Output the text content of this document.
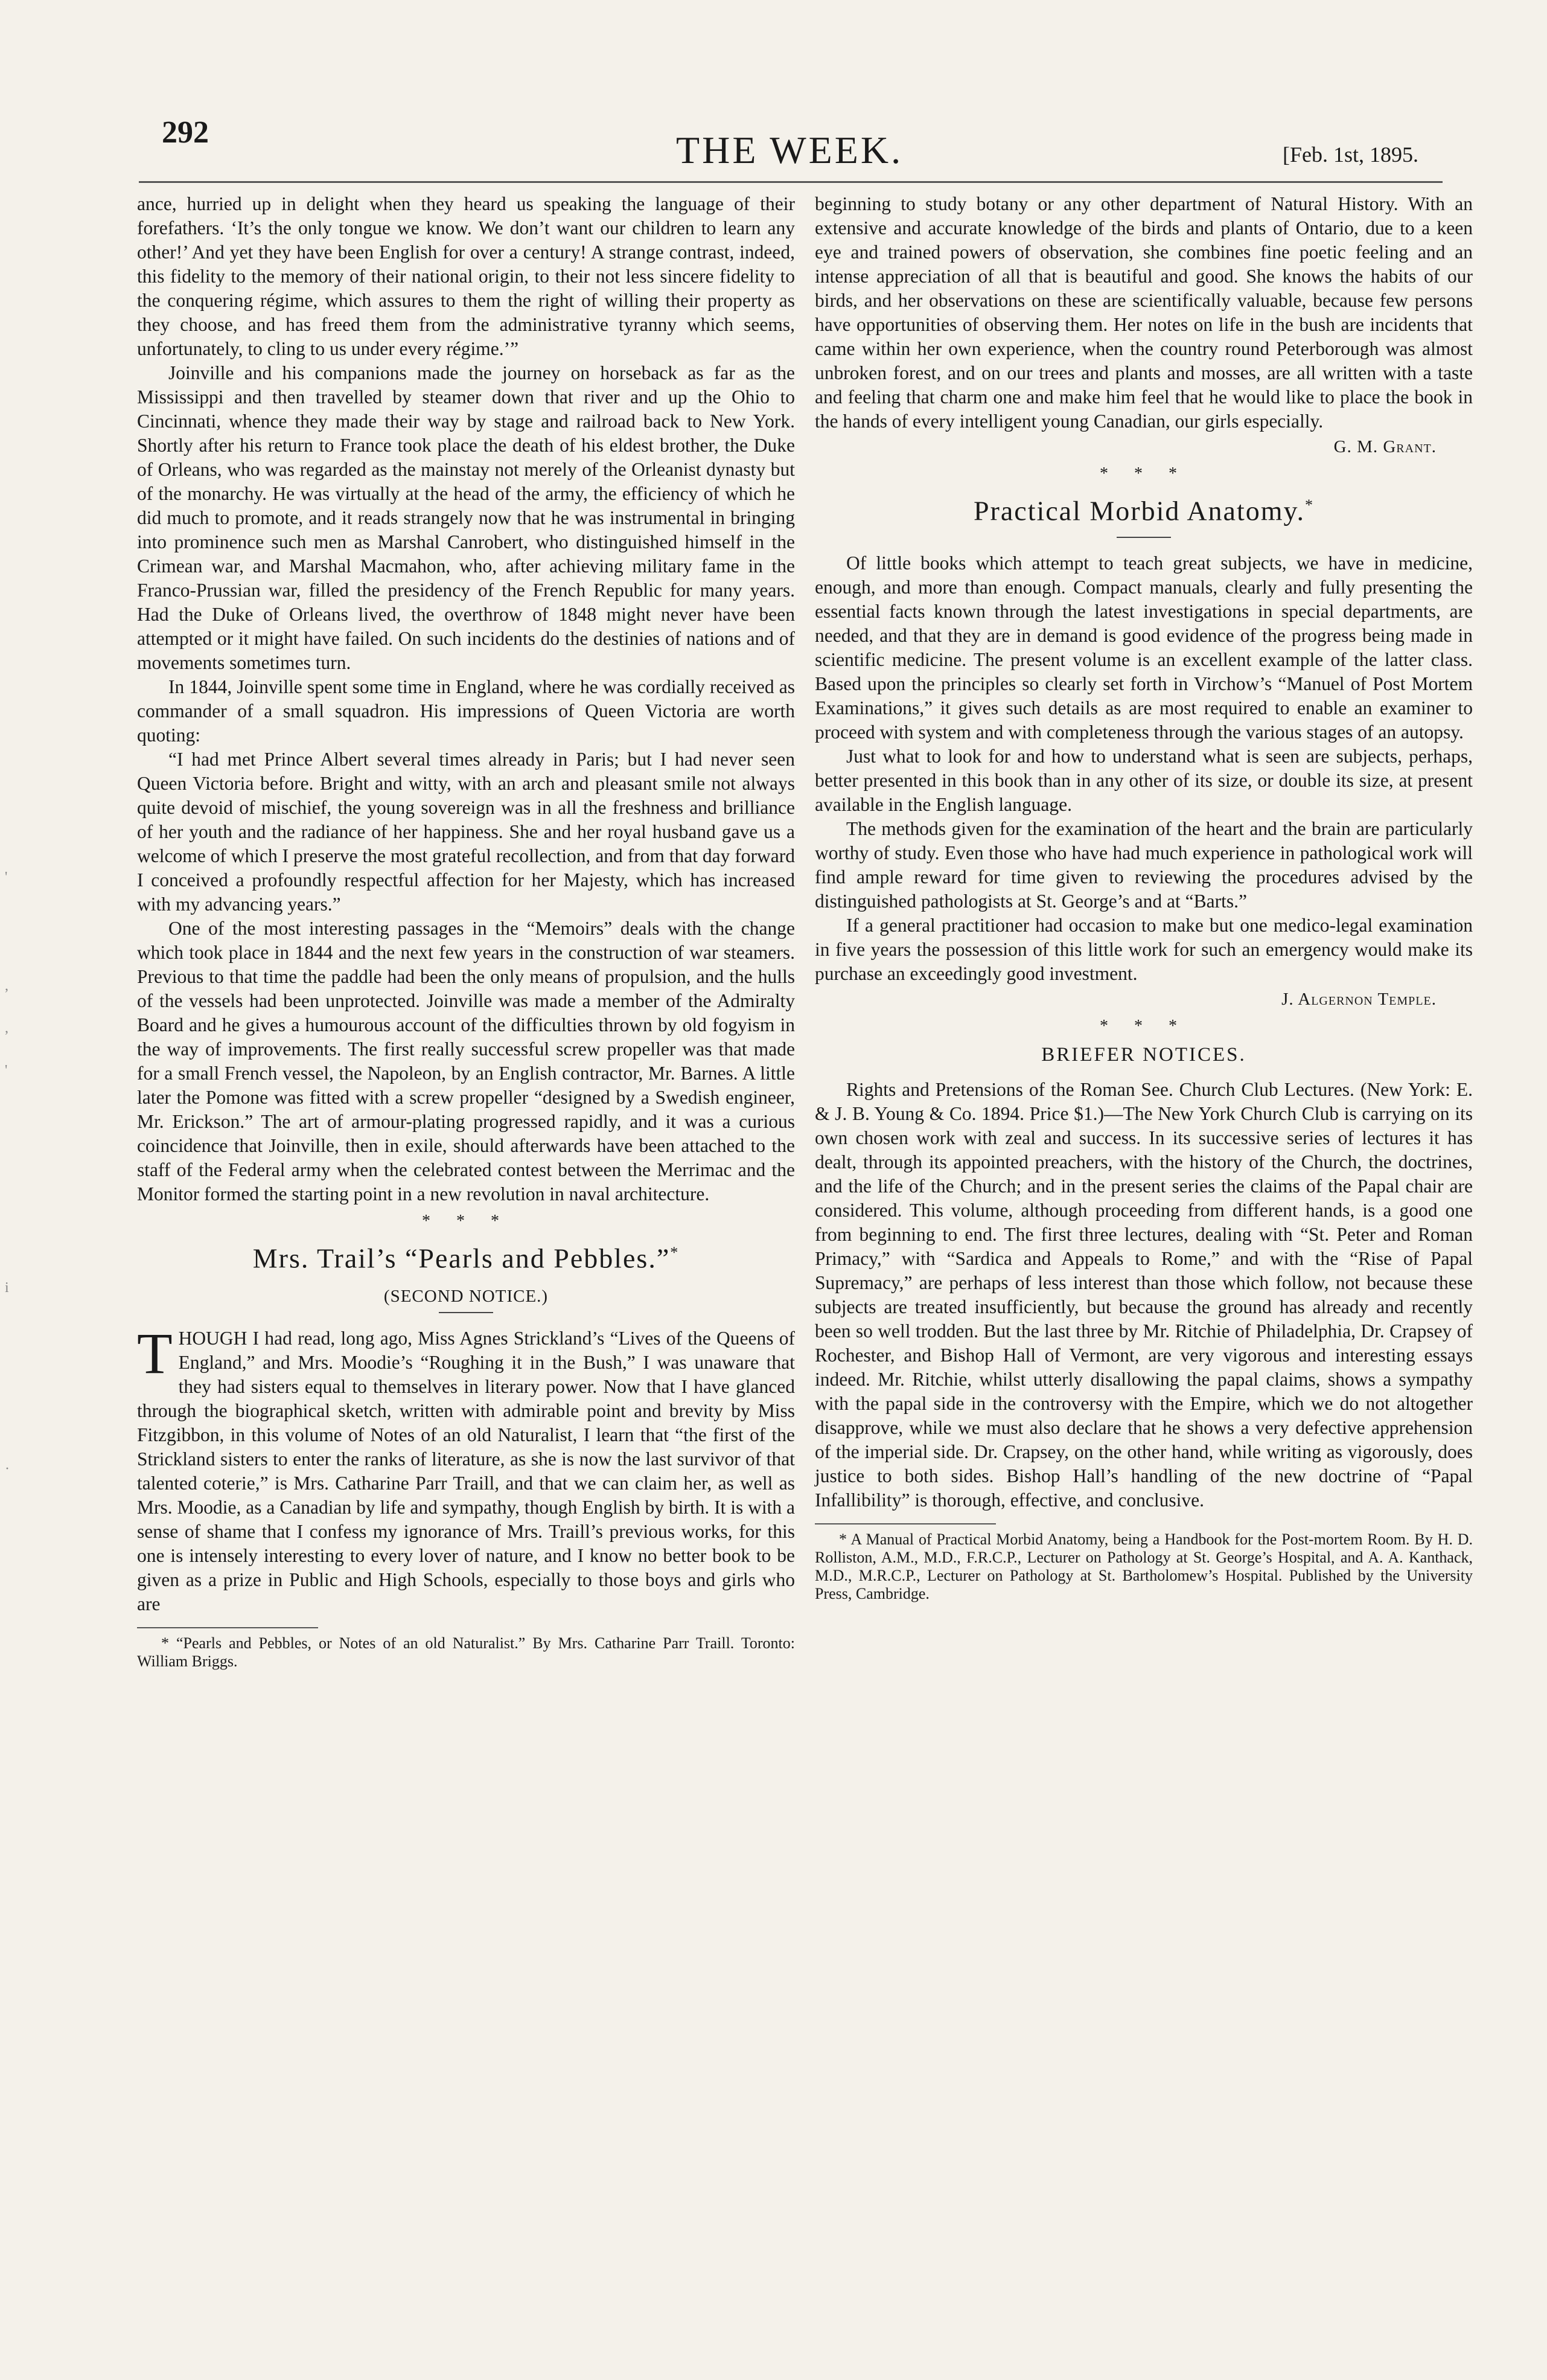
292	THE WEEK.	[Feb. 1st, 1895.
'
,
,
'
i
·

ance, hurried up in delight when they heard us speaking the language of their forefathers. ‘It’s the only tongue we know. We don’t want our children to learn any other!’ And yet they have been English for over a century! A strange contrast, indeed, this fidelity to the memory of their national origin, to their not less sincere fidelity to the conquering régime, which assures to them the right of willing their property as they choose, and has freed them from the administrative tyranny which seems, unfortunately, to cling to us under every régime.’”

Joinville and his companions made the journey on horseback as far as the Mississippi and then travelled by steamer down that river and up the Ohio to Cincinnati, whence they made their way by stage and railroad back to New York. Shortly after his return to France took place the death of his eldest brother, the Duke of Orleans, who was regarded as the mainstay not merely of the Orleanist dynasty but of the monarchy. He was virtually at the head of the army, the efficiency of which he did much to promote, and it reads strangely now that he was instrumental in bringing into prominence such men as Marshal Canrobert, who distinguished himself in the Crimean war, and Marshal Macmahon, who, after achieving military fame in the Franco-Prussian war, filled the presidency of the French Republic for many years. Had the Duke of Orleans lived, the overthrow of 1848 might never have been attempted or it might have failed. On such incidents do the destinies of nations and of movements sometimes turn.

In 1844, Joinville spent some time in England, where he was cordially received as commander of a small squadron. His impressions of Queen Victoria are worth quoting:

“I had met Prince Albert several times already in Paris; but I had never seen Queen Victoria before. Bright and witty, with an arch and pleasant smile not always quite devoid of mischief, the young sovereign was in all the freshness and brilliance of her youth and the radiance of her happiness. She and her royal husband gave us a welcome of which I preserve the most grateful recollection, and from that day forward I conceived a profoundly respectful affection for her Majesty, which has increased with my advancing years.”

One of the most interesting passages in the “Memoirs” deals with the change which took place in 1844 and the next few years in the construction of war steamers. Previous to that time the paddle had been the only means of propulsion, and the hulls of the vessels had been unprotected. Joinville was made a member of the Admiralty Board and he gives a humourous account of the difficulties thrown by old fogyism in the way of improvements. The first really successful screw propeller was that made for a small French vessel, the Napoleon, by an English contractor, Mr. Barnes. A little later the Pomone was fitted with a screw propeller “designed by a Swedish engineer, Mr. Erickson.” The art of armour-plating progressed rapidly, and it was a curious coincidence that Joinville, then in exile, should afterwards have been attached to the staff of the Federal army when the celebrated contest between the Merrimac and the Monitor formed the starting point in a new revolution in naval architecture.

* * *
Mrs. Trail’s “Pearls and Pebbles.”*
(SECOND NOTICE.)

THOUGH I had read, long ago, Miss Agnes Strickland’s “Lives of the Queens of England,” and Mrs. Moodie’s “Roughing it in the Bush,” I was unaware that they had sisters equal to themselves in literary power. Now that I have glanced through the biographical sketch, written with admirable point and brevity by Miss Fitzgibbon, in this volume of Notes of an old Naturalist, I learn that “the first of the Strickland sisters to enter the ranks of literature, as she is now the last survivor of that talented coterie,” is Mrs. Catharine Parr Traill, and that we can claim her, as well as Mrs. Moodie, as a Canadian by life and sympathy, though English by birth. It is with a sense of shame that I confess my ignorance of Mrs. Traill’s previous works, for this one is intensely interesting to every lover of nature, and I know no better book to be given as a prize in Public and High Schools, especially to those boys and girls who are

* “Pearls and Pebbles, or Notes of an old Naturalist.” By Mrs. Catharine Parr Traill. Toronto: William Briggs.

beginning to study botany or any other department of Natural History. With an extensive and accurate knowledge of the birds and plants of Ontario, due to a keen eye and trained powers of observation, she combines fine poetic feeling and an intense appreciation of all that is beautiful and good. She knows the habits of our birds, and her observations on these are scientifically valuable, because few persons have opportunities of observing them. Her notes on life in the bush are incidents that came within her own experience, when the country round Peterborough was almost unbroken forest, and on our trees and plants and mosses, are all written with a taste and feeling that charm one and make him feel that he would like to place the book in the hands of every intelligent young Canadian, our girls especially.

G. M. Grant.
* * *
Practical Morbid Anatomy.*

Of little books which attempt to teach great subjects, we have in medicine, enough, and more than enough. Compact manuals, clearly and fully presenting the essential facts known through the latest investigations in special departments, are needed, and that they are in demand is good evidence of the progress being made in scientific medicine. The present volume is an excellent example of the latter class. Based upon the principles so clearly set forth in Virchow’s “Manuel of Post Mortem Examinations,” it gives such details as are most required to enable an examiner to proceed with system and with completeness through the various stages of an autopsy.

Just what to look for and how to understand what is seen are subjects, perhaps, better presented in this book than in any other of its size, or double its size, at present available in the English language.

The methods given for the examination of the heart and the brain are particularly worthy of study. Even those who have had much experience in pathological work will find ample reward for time given to reviewing the procedures advised by the distinguished pathologists at St. George’s and at “Barts.”

If a general practitioner had occasion to make but one medico-legal examination in five years the possession of this little work for such an emergency would make its purchase an exceedingly good investment.

J. Algernon Temple.
* * *
BRIEFER NOTICES.

Rights and Pretensions of the Roman See. Church Club Lectures. (New York: E. & J. B. Young & Co. 1894. Price $1.)—The New York Church Club is carrying on its own chosen work with zeal and success. In its successive series of lectures it has dealt, through its appointed preachers, with the history of the Church, the doctrines, and the life of the Church; and in the present series the claims of the Papal chair are considered. This volume, although proceeding from different hands, is a good one from beginning to end. The first three lectures, dealing with “St. Peter and Roman Primacy,” with “Sardica and Appeals to Rome,” and with the “Rise of Papal Supremacy,” are perhaps of less interest than those which follow, not because these subjects are treated insufficiently, but because the ground has already and recently been so well trodden. But the last three by Mr. Ritchie of Philadelphia, Dr. Crapsey of Rochester, and Bishop Hall of Vermont, are very vigorous and interesting essays indeed. Mr. Ritchie, whilst utterly disallowing the papal claims, shows a sympathy with the papal side in the controversy with the Empire, which we do not altogether disapprove, while we must also declare that he shows a very defective apprehension of the imperial side. Dr. Crapsey, on the other hand, while writing as vigorously, does justice to both sides. Bishop Hall’s handling of the new doctrine of “Papal Infallibility” is thorough, effective, and conclusive.

* A Manual of Practical Morbid Anatomy, being a Handbook for the Post-mortem Room. By H. D. Rolliston, A.M., M.D., F.R.C.P., Lecturer on Pathology at St. George’s Hospital, and A. A. Kanthack, M.D., M.R.C.P., Lecturer on Pathology at St. Bartholomew’s Hospital. Published by the University Press, Cambridge.
